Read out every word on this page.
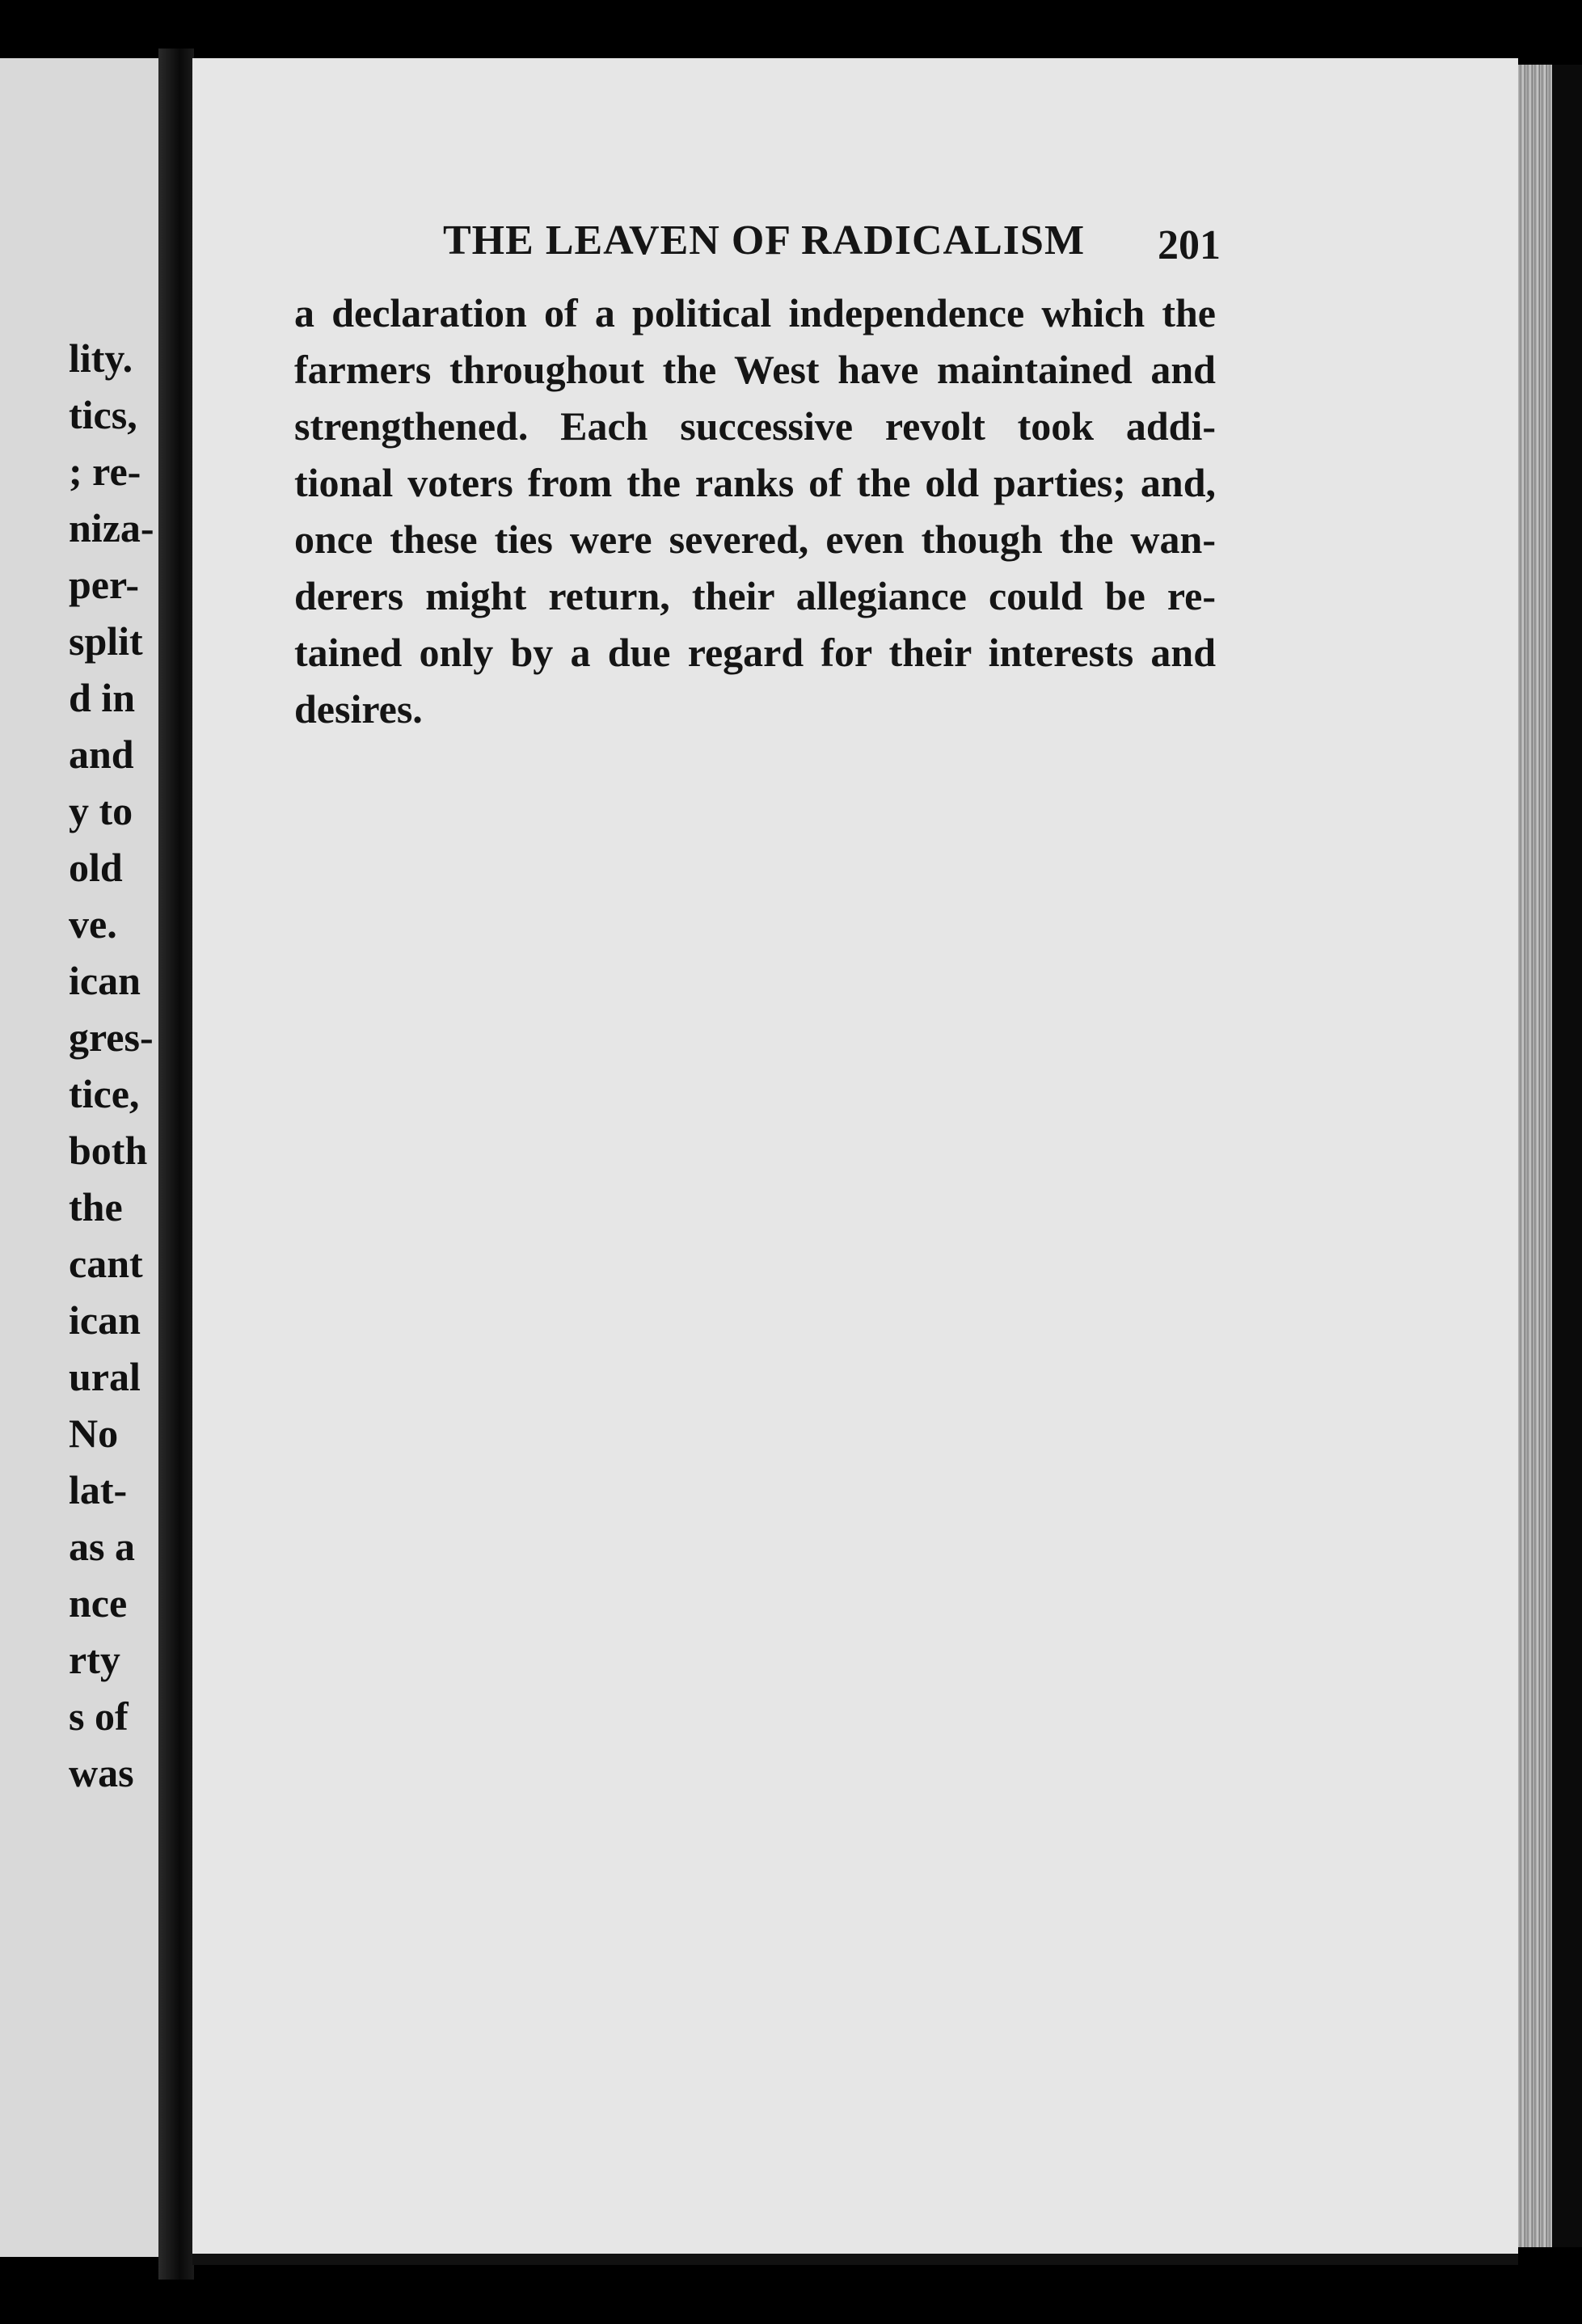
lity.
tics,
; re-
niza-
per-
split
d in
and
y to
old
ve.
ican
gres-
tice,
both
the
cant
ican
ural
No
lat-
as a
nce
rty
s of
was
THE LEAVEN OF RADICALISM 201
a declaration of a political independence which the
farmers throughout the West have maintained and
strengthened. Each successive revolt took addi-
tional voters from the ranks of the old parties; and,
once these ties were severed, even though the wan-
derers might return, their allegiance could be re-
tained only by a due regard for their interests and
desires.
